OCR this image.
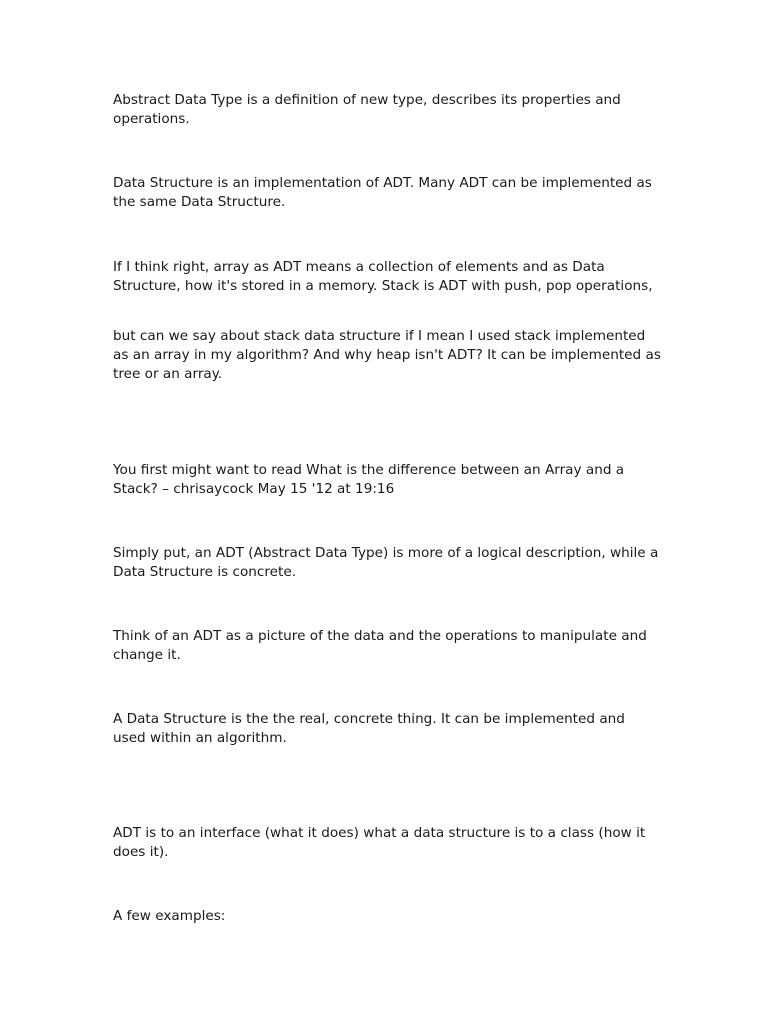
Abstract Data Type is a definition of new type, describes its properties and operations.

Data Structure is an implementation of ADT. Many ADT can be implemented as the same Data Structure.

If I think right, array as ADT means a collection of elements and as Data Structure, how it's stored in a memory. Stack is ADT with push, pop operations,

but can we say about stack data structure if I mean I used stack implemented as an array in my algorithm? And why heap isn't ADT? It can be implemented as tree or an array.

You first might want to read What is the difference between an Array and a Stack? – chrisaycock May 15 '12 at 19:16

Simply put, an ADT (Abstract Data Type) is more of a logical description, while a Data Structure is concrete.

Think of an ADT as a picture of the data and the operations to manipulate and change it.

A Data Structure is the the real, concrete thing. It can be implemented and used within an algorithm.

ADT is to an interface (what it does) what a data structure is to a class (how it does it).

A few examples:
